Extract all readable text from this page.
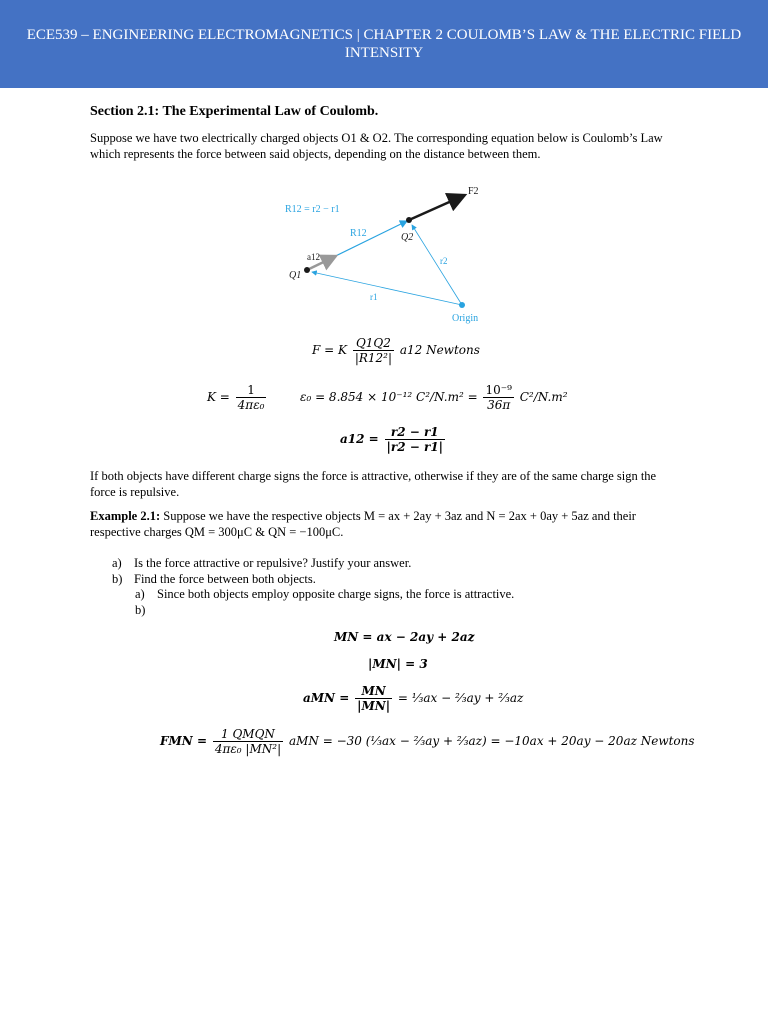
ECE539 – ENGINEERING ELECTROMAGNETICS | CHAPTER 2 COULOMB’S LAW & THE ELECTRIC FIELD INTENSITY
Section 2.1: The Experimental Law of Coulomb.

Suppose we have two electrically charged objects O1 & O2. The corresponding equation below is Coulomb’s Law which represents the force between said objects, depending on the distance between them.

R12 = r2 − r1
R12	Q2
Q1
a12	r2
r1
F2
Origin
F = K $\frac{Q1Q2}{\text{|R12²|}} a12$ Newtons
$K = \frac{1}{\text{4πε₀}}$	ε₀ = 8.854 × 10⁻¹² $C^2/N.m^2 = \frac{\text{10⁻⁹}}{36\pi} C^2/N.m^2$
$a12 = \frac{r2 - r1}{|r2 - r1|}$

If both objects have different charge signs the force is attractive, otherwise if they are of the same charge sign the force is repulsive.

Example 2.1: Suppose we have the respective objects M = ax + 2ay + 3az and N = 2ax + 0ay + 5az and their respective charges QM = 300μC & QN = −100μC.

a) Is the force attractive or repulsive? Justify your answer.
b) Find the force between both objects.
a) Since both objects employ opposite charge signs, the force is attractive.
b)
MN = ax − 2ay + 2az
|MN| = 3
aMN = $\frac{MN}{|MN|}$ = ⅓ax − ⅔ay + ⅔az
FMN = $\frac{\text{1 QMQN}}{\text{4πε₀ |MN²|}}$ aMN = −30 (⅓ax − ⅔ay + ⅔az) = −10ax + 20ay − 20az Newtons
